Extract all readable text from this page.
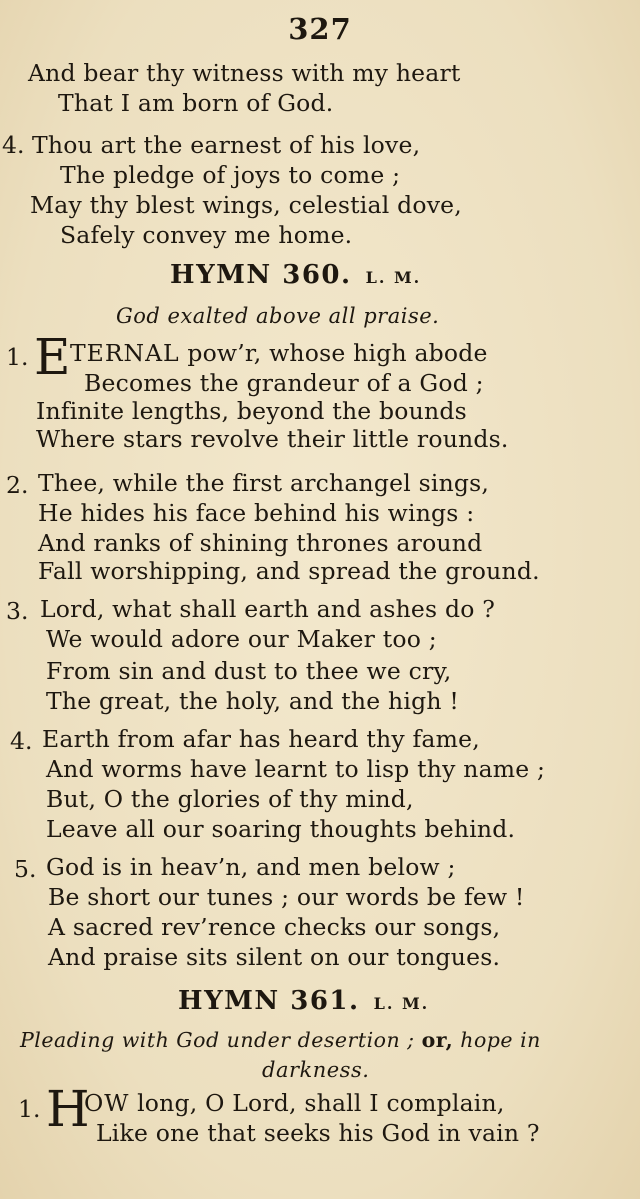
327
And bear thy witness with my heart
That I am born of God.
4. Thou art the earnest of his love,
The pledge of joys to come ;
May thy blest wings, celestial dove,
Safely convey me home.
HYMN 360. L. M.
God exalted above all praise.
1. E TERNAL pow’r, whose high abode
Becomes the grandeur of a God ;
Infinite lengths, beyond the bounds
Where stars revolve their little rounds.
2. Thee, while the first archangel sings,
He hides his face behind his wings :
And ranks of shining thrones around
Fall worshipping, and spread the ground.
3. Lord, what shall earth and ashes do ?
We would adore our Maker too ;
From sin and dust to thee we cry,
The great, the holy, and the high !
4. Earth from afar has heard thy fame,
And worms have learnt to lisp thy name ;
But, O the glories of thy mind,
Leave all our soaring thoughts behind.
5. God is in heav’n, and men below ;
Be short our tunes ; our words be few !
A sacred rev’rence checks our songs,
And praise sits silent on our tongues.
HYMN 361. L. M.
Pleading with God under desertion ; or, hope in
darkness.
1. H
OW long, O Lord, shall I complain,
Like one that seeks his God in vain ?
